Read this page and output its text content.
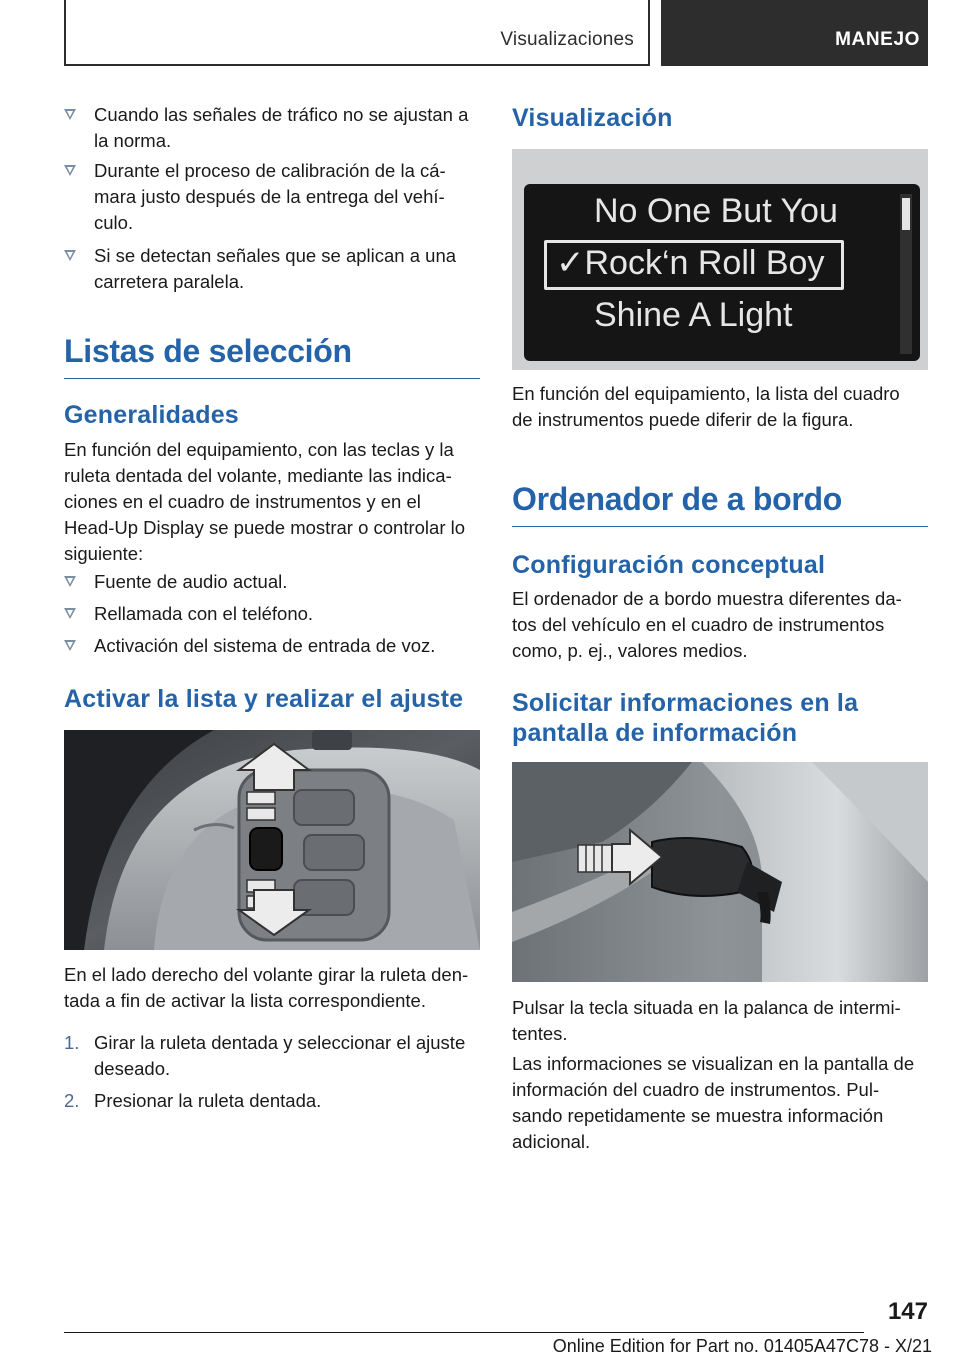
Visualizaciones	MANEJO
Cuando las señales de tráfico no se ajustan a
la norma.
Durante el proceso de calibración de la cá‐
mara justo después de la entrega del vehí‐
culo.
Si se detectan señales que se aplican a una
carretera paralela.
Listas de selección
Generalidades
En función del equipamiento, con las teclas y la
ruleta dentada del volante, mediante las indica‐
ciones en el cuadro de instrumentos y en el
Head-Up Display se puede mostrar o controlar lo
siguiente:
Fuente de audio actual.
Rellamada con el teléfono.
Activación del sistema de entrada de voz.
Activar la lista y realizar el ajuste
En el lado derecho del volante girar la ruleta den‐
tada a fin de activar la lista correspondiente.
1. Girar la ruleta dentada y seleccionar el ajuste
deseado.
2. Presionar la ruleta dentada.
Visualización
No One But You
✓Rock‘n Roll Boy
Shine A Light
En función del equipamiento, la lista del cuadro
de instrumentos puede diferir de la figura.
Ordenador de a bordo
Configuración conceptual
El ordenador de a bordo muestra diferentes da‐
tos del vehículo en el cuadro de instrumentos
como, p. ej., valores medios.
Solicitar informaciones en la
pantalla de información
Pulsar la tecla situada en la palanca de intermi‐
tentes.
Las informaciones se visualizan en la pantalla de
información del cuadro de instrumentos. Pul‐
sando repetidamente se muestra información
adicional.
147
Online Edition for Part no. 01405A47C78 - X/21
